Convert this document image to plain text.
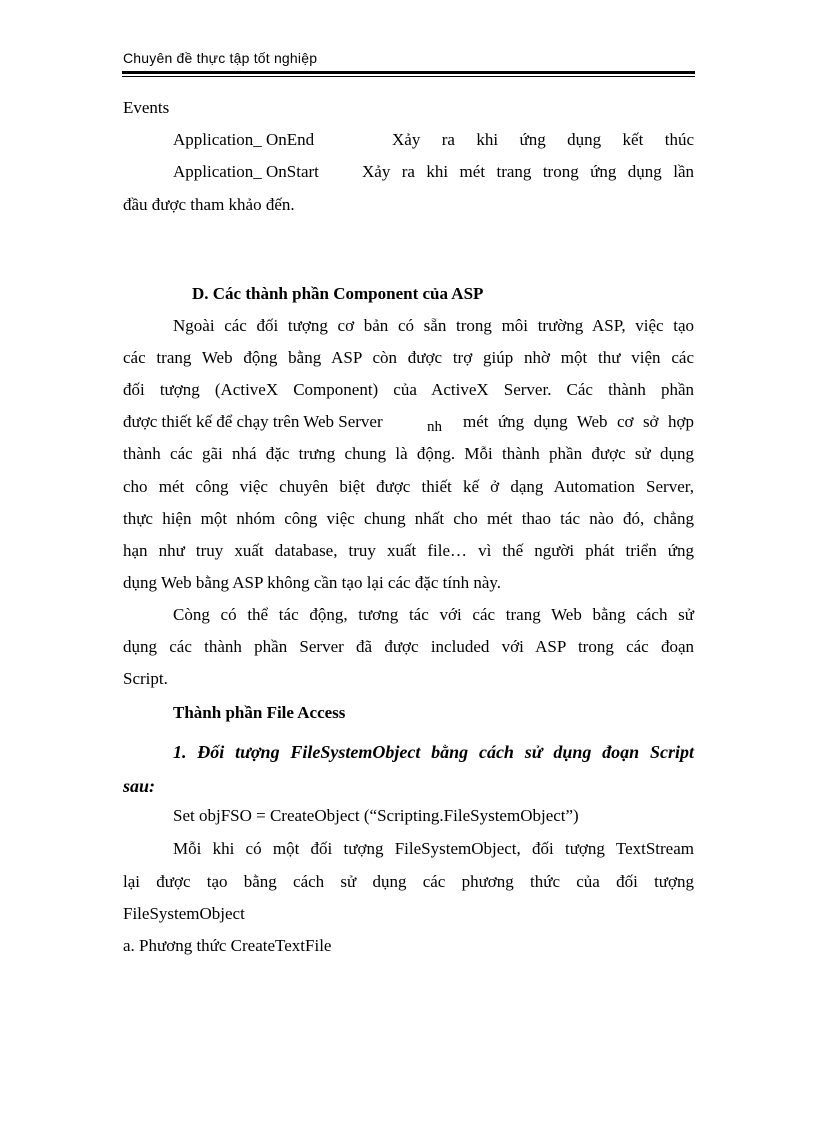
Chuyên đề thực tập tốt nghiệp
Events
Application_ OnEnd	Xảy ra khi ứng dụng kết thúc
Application_ OnStart	Xảy ra khi mét trang trong ứng dụng lần
đầu được tham khảo đến.
D. Các thành phần Component của ASP
Ngoài các đối tượng cơ bản có sẵn trong môi trường ASP, việc tạo
các trang Web động bằng ASP còn được trợ giúp nhờ một thư viện các
đối tượng (ActiveX Component) của ActiveX Server. Các thành phần
được thiết kế để chạy trên Web Server	nh mét ứng dụng Web cơ sở hợp
thành các gãi nhá đặc trưng chung là động. Mỗi thành phần được sử dụng
cho mét công việc chuyên biệt được thiết kế ở dạng Automation Server,
thực hiện một nhóm công việc chung nhất cho mét thao tác nào đó, chẳng
hạn như truy xuất database, truy xuất file… vì thế người phát triển ứng
dụng Web bằng ASP không cần tạo lại các đặc tính này.
Còng có thể tác động, tương tác với các trang Web bằng cách sử
dụng các thành phần Server đã được included với ASP trong các đoạn
Script.
Thành phần File Access
1. Đối tượng FileSystemObject bằng cách sử dụng đoạn Script
sau:
Set objFSO = CreateObject (“Scripting.FileSystemObject”)
Mỗi khi có một đối tượng FileSystemObject, đối tượng TextStream
lại được tạo bằng cách sử dụng các phương thức của đối tượng
FileSystemObject
a. Phương thức CreateTextFile
